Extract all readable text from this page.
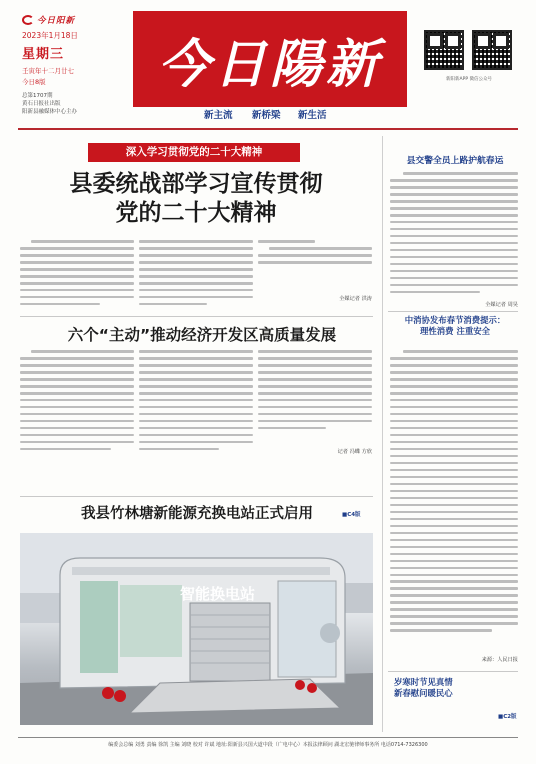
今日阳新
2023年1月18日
星期三
壬寅年十二月廿七
今日8版
总第1707期
黄石日报社出版
阳新县融媒体中心主办
今日陽新	新阳新APP 微信公众号
新主流 新桥梁 新生活
深入学习贯彻党的二十大精神
县委统战部学习宣传贯彻
党的二十大精神
全媒记者 洪涛
六个“主动”推动经济开发区高质量发展
记者 冯蝶 方欣
我县竹林塘新能源充换电站正式启用	■C4版
智能换电站
县交警全员上路护航春运
全媒记者 周昊
中消协发布春节消费提示：
理性消费 注重安全
来源：人民日报
岁寒时节见真情
新春慰问暖民心
■C2版
编委会总编 刘勇 责编 徐凯 主编 刘晓 校对 许斌 地址:阳新县兴国大道中段（广电中心）本报法律顾问 湖北宏驰律师事务所 电话0714-7326300
